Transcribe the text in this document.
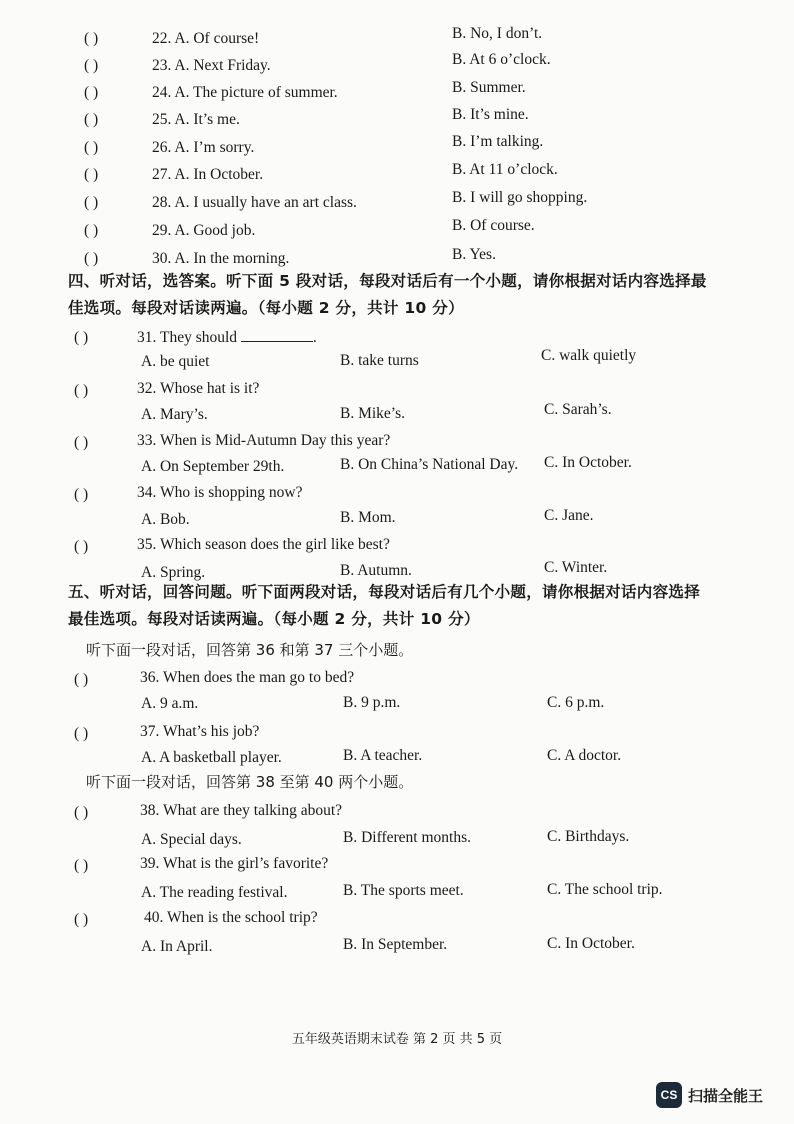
( )	22. A. Of course!	B. No, I don’t.
( )	23. A. Next Friday.	B. At 6 o’clock.
( )	24. A. The picture of summer.	B. Summer.
( )	25. A. It’s me.	B. It’s mine.
( )	26. A. I’m sorry.	B. I’m talking.
( )	27. A. In October.	B. At 11 o’clock.
( )	28. A. I usually have an art class.	B. I will go shopping.
( )	29. A. Good job.	B. Of course.
( )	30. A. In the morning.	B. Yes.
四、听对话，选答案。听下面 5 段对话，每段对话后有一个小题，请你根据对话内容选择最
佳选项。每段对话读两遍。（每小题 2 分，共计 10 分）
( )	31. They should	.
A. be quiet	B. take turns	C. walk quietly
( )	32. Whose hat is it?
A. Mary’s.	B. Mike’s.	C. Sarah’s.
( )	33. When is Mid-Autumn Day this year?
A. On September 29th.	B. On China’s National Day. C. In October.
( )	34. Who is shopping now?
A. Bob.	B. Mom.	C. Jane.
( )	35. Which season does the girl like best?
A. Spring.	B. Autumn.	C. Winter.
五、听对话，回答问题。听下面两段对话，每段对话后有几个小题，请你根据对话内容选择
最佳选项。每段对话读两遍。（每小题 2 分，共计 10 分）
听下面一段对话，回答第 36 和第 37 三个小题。
( )	36. When does the man go to bed?
A. 9 a.m.	B. 9 p.m.	C. 6 p.m.
( )	37. What’s his job?
A. A basketball player.	B. A teacher.	C. A doctor.
听下面一段对话，回答第 38 至第 40 两个小题。
( )	38. What are they talking about?
A. Special days.	B. Different months.	C. Birthdays.
( )	39. What is the girl’s favorite?
A. The reading festival.	B. The sports meet.	C. The school trip.
( )	40. When is the school trip?
A. In April.	B. In September.	C. In October.
五年级英语期末试卷 第 2 页 共 5 页
CS 扫描全能王
